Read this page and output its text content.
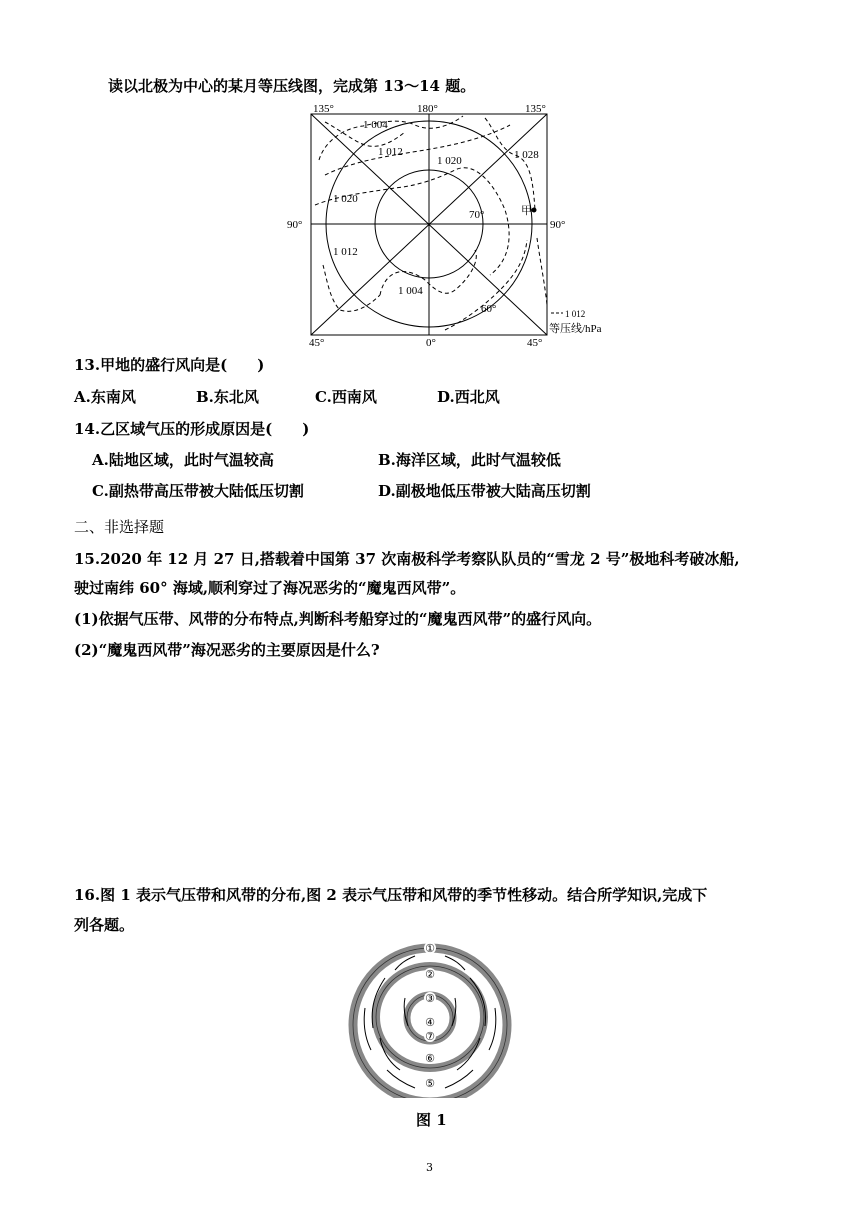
读以北极为中心的某月等压线图，完成第 13～14 题。
135°	180°	135°
90°	90°
45°	0°	45°
1 004
1 012
1 020	1 028
1 020
1 012
1 004
70°
60°
甲
1 012
等压线/hPa
13.甲地的盛行风向是(　　)
A.东南风	B.东北风	C.西南风	D.西北风
14.乙区域气压的形成原因是(　　)
A.陆地区域，此时气温较高	B.海洋区域，此时气温较低
C.副热带高压带被大陆低压切割	D.副极地低压带被大陆高压切割
二、非选择题
15.2020 年 12 月 27 日,搭载着中国第 37 次南极科学考察队队员的“雪龙 2 号”极地科考破冰船,
驶过南纬 60° 海域,顺利穿过了海况恶劣的“魔鬼西风带”。
(1)依据气压带、风带的分布特点,判断科考船穿过的“魔鬼西风带”的盛行风向。
(2)“魔鬼西风带”海况恶劣的主要原因是什么?
16.图 1 表示气压带和风带的分布,图 2 表示气压带和风带的季节性移动。结合所学知识,完成下
列各题。
①
②
③
④
⑤
⑥
⑦
图 1
3
